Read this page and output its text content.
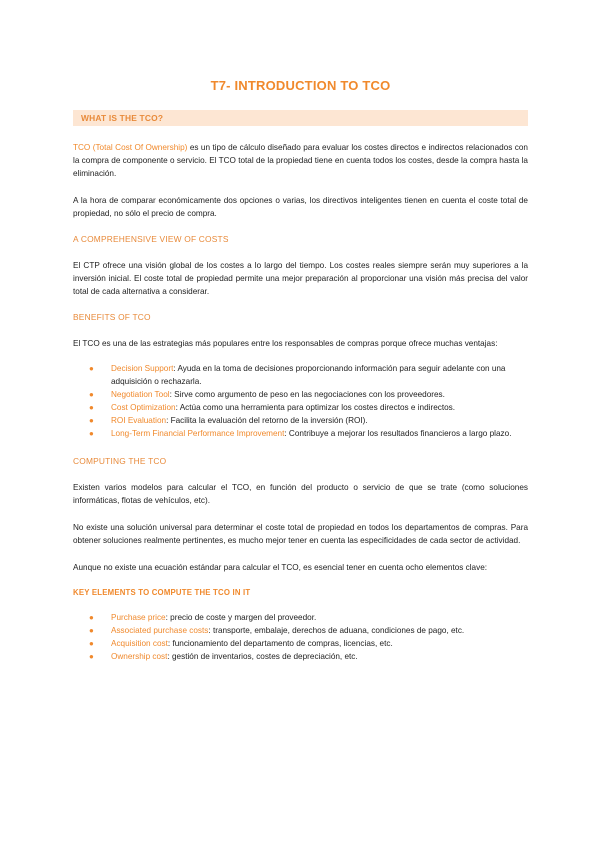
T7- INTRODUCTION TO TCO
WHAT IS THE TCO?

TCO (Total Cost Of Ownership) es un tipo de cálculo diseñado para evaluar los costes directos e indirectos relacionados con la compra de componente o servicio. El TCO total de la propiedad tiene en cuenta todos los costes, desde la compra hasta la eliminación.

A la hora de comparar económicamente dos opciones o varias, los directivos inteligentes tienen en cuenta el coste total de propiedad, no sólo el precio de compra.

A COMPREHENSIVE VIEW OF COSTS

El CTP ofrece una visión global de los costes a lo largo del tiempo. Los costes reales siempre serán muy superiores a la inversión inicial. El coste total de propiedad permite una mejor preparación al proporcionar una visión más precisa del valor total de cada alternativa a considerar.

BENEFITS OF TCO

El TCO es una de las estrategias más populares entre los responsables de compras porque ofrece muchas ventajas:

● Decision Support: Ayuda en la toma de decisiones proporcionando información para seguir adelante con una adquisición o rechazarla.
● Negotiation Tool: Sirve como argumento de peso en las negociaciones con los proveedores.
● Cost Optimization: Actúa como una herramienta para optimizar los costes directos e indirectos.
● ROI Evaluation: Facilita la evaluación del retorno de la inversión (ROI).
● Long-Term Financial Performance Improvement: Contribuye a mejorar los resultados financieros a largo plazo.
COMPUTING THE TCO

Existen varios modelos para calcular el TCO, en función del producto o servicio de que se trate (como soluciones informáticas, flotas de vehículos, etc).

No existe una solución universal para determinar el coste total de propiedad en todos los departamentos de compras. Para obtener soluciones realmente pertinentes, es mucho mejor tener en cuenta las especificidades de cada sector de actividad.

Aunque no existe una ecuación estándar para calcular el TCO, es esencial tener en cuenta ocho elementos clave:

KEY ELEMENTS TO COMPUTE THE TCO IN IT
● Purchase price: precio de coste y margen del proveedor.
● Associated purchase costs: transporte, embalaje, derechos de aduana, condiciones de pago, etc.
● Acquisition cost: funcionamiento del departamento de compras, licencias, etc.
● Ownership cost: gestión de inventarios, costes de depreciación, etc.
